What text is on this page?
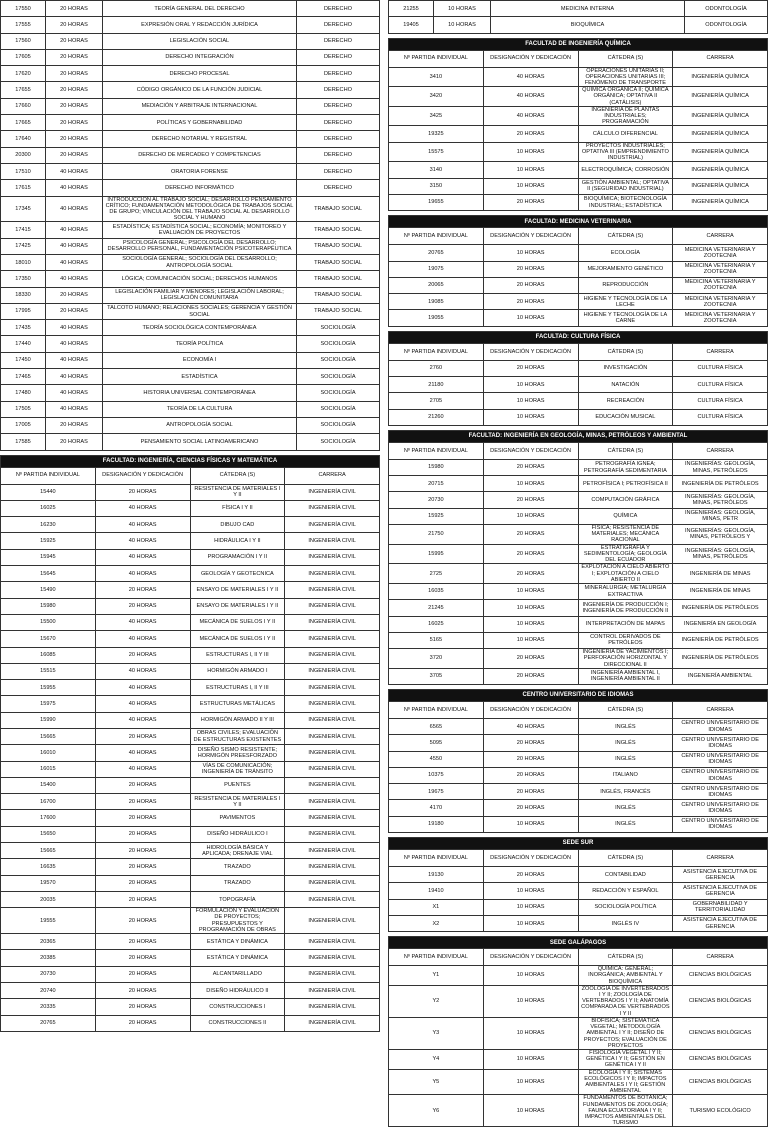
17550	20 HORAS	TEORÍA GENERAL DEL DERECHO	DERECHO
17555	20 HORAS	EXPRESIÓN ORAL Y REDACCIÓN JURÍDICA	DERECHO
17560	20 HORAS	LEGISLACIÓN SOCIAL	DERECHO
17605	20 HORAS	DERECHO INTEGRACIÓN	DERECHO
17620	20 HORAS	DERECHO PROCESAL	DERECHO
17655	20 HORAS	CÓDIGO ORGÁNICO DE LA FUNCIÓN JUDICIAL	DERECHO
17660	20 HORAS	MEDIACIÓN Y ARBITRAJE INTERNACIONAL	DERECHO
17665	20 HORAS	POLÍTICAS Y GOBERNABILIDAD	DERECHO
17640	20 HORAS	DERECHO NOTARIAL Y REGISTRAL	DERECHO
20300	20 HORAS	DERECHO DE MERCADEO Y COMPETENCIAS	DERECHO
17510	40 HORAS	ORATORIA FORENSE	DERECHO
17615	40 HORAS	DERECHO INFORMÁTICO	DERECHO
17345	40 HORAS	INTRODUCCIÓN AL TRABAJO SOCIAL; DESARROLLO PENSAMIENTO CRÍTICO; FUNDAMENTACIÓN METODOLÓGICA DE TRABAJOS SOCIAL DE GRUPO; VINCULACIÓN DEL TRABAJO SOCIAL AL DESARROLLO SOCIAL Y HUMANO	TRABAJO SOCIAL
17415	40 HORAS	ESTADÍSTICA; ESTADÍSTICA SOCIAL; ECONOMÍA; MONITOREO Y EVALUACIÓN DE PROYECTOS	TRABAJO SOCIAL
17425	40 HORAS	PSICOLOGÍA GENERAL; PSICOLOGÍA DEL DESARROLLO; DESARROLLO PERSONAL, FUNDAMENTACIÓN PSICOTERAPÉUTICA	TRABAJO SOCIAL
18010	40 HORAS	SOCIOLOGÍA GENERAL; SOCIOLOGÍA DEL DESARROLLO; ANTROPOLOGÍA SOCIAL	TRABAJO SOCIAL
17350	40 HORAS	LÓGICA; COMUNICACIÓN SOCIAL; DERECHOS HUMANOS	TRABAJO SOCIAL
18330	20 HORAS	LEGISLACIÓN FAMILIAR Y MENORES; LEGISLACIÓN LABORAL; LEGISLACIÓN COMUNITARIA	TRABAJO SOCIAL
17995	20 HORAS	TALCOTO HUMANO; RELACIONES SOCIALES; GERENCIA Y GESTIÓN SOCIAL	TRABAJO SOCIAL
17435	40 HORAS	TEORÍA SOCIOLÓGICA CONTEMPORÁNEA	SOCIOLOGÍA
17440	40 HORAS	TEORÍA POLÍTICA	SOCIOLOGÍA
17450	40 HORAS	ECONOMÍA I	SOCIOLOGÍA
17465	40 HORAS	ESTADÍSTICA	SOCIOLOGÍA
17480	40 HORAS	HISTORIA UNIVERSAL CONTEMPORÁNEA	SOCIOLOGÍA
17505	40 HORAS	TEORÍA DE LA CULTURA	SOCIOLOGÍA
17005	20 HORAS	ANTROPOLOGÍA SOCIAL	SOCIOLOGÍA
17585	20 HORAS	PENSAMIENTO SOCIAL LATINOAMERICANO	SOCIOLOGÍA
FACULTAD: INGENIERÍA, CIENCIAS FÍSICAS Y MATEMÁTICA			
Nº PARTIDA INDIVIDUAL	DESIGNACIÓN Y DEDICACIÓN	CÁTEDRA (S)	CARRERA
15440	20 HORAS	RESISTENCIA DE MATERIALES I Y II	INGENIERÍA CIVIL
16025	40 HORAS	FÍSICA I Y II	INGENIERÍA CIVIL
16230	40 HORAS	DIBUJO CAD	INGENIERÍA CIVIL
15925	40 HORAS	HIDRÁULICA I Y II	INGENIERÍA CIVIL
15945	40 HORAS	PROGRAMACIÓN I Y II	INGENIERÍA CIVIL
15645	40 HORAS	GEOLOGÍA Y GEOTECNICA	INGENIERÍA CIVIL
15490	20 HORAS	ENSAYO DE MATERIALES I Y II	INGENIERÍA CIVIL
15980	20 HORAS	ENSAYO DE MATERIALES I Y II	INGENIERÍA CIVIL
15500	40 HORAS	MECÁNICA DE SUELOS I Y II	INGENIERÍA CIVIL
15670	40 HORAS	MECÁNICA DE SUELOS I Y II	INGENIERÍA CIVIL
16085	20 HORAS	ESTRUCTURAS I, II Y III	INGENIERÍA CIVIL
15515	40 HORAS	HORMIGÓN ARMADO I	INGENIERÍA CIVIL
15955	40 HORAS	ESTRUCTURAS I, II Y III	INGENIERÍA CIVIL
15975	40 HORAS	ESTRUCTURAS METÁLICAS	INGENIERÍA CIVIL
15990	40 HORAS	HORMIGÓN ARMADO II Y III	INGENIERÍA CIVIL
15665	20 HORAS	OBRAS CIVILES; EVALUACIÓN DE ESTRUCTURAS EXISTENTES	INGENIERÍA CIVIL
16010	40 HORAS	DISEÑO SISMO RESISTENTE; HORMIGÓN PREESFORZADO	INGENIERÍA CIVIL
16015	40 HORAS	VÍAS DE COMUNICACIÓN; INGENIERÍA DE TRÁNSITO	INGENIERÍA CIVIL
15400	20 HORAS	PUENTES	INGENIERÍA CIVIL
16700	20 HORAS	RESISTENCIA DE MATERIALES I Y II	INGENIERÍA CIVIL
17600	20 HORAS	PAVIMENTOS	INGENIERÍA CIVIL
15650	20 HORAS	DISEÑO HIDRÁULICO I	INGENIERÍA CIVIL
15665	20 HORAS	HIDROLOGÍA BÁSICA Y APLICADA; DRENAJE VIAL	INGENIERÍA CIVIL
16635	20 HORAS	TRAZADO	INGENIERÍA CIVIL
19570	20 HORAS	TRAZADO	INGENIERÍA CIVIL
20035	20 HORAS	TOPOGRAFÍA	INGENIERÍA CIVIL
19555	20 HORAS	FORMULACIÓN Y EVALUACIÓN DE PROYECTOS; PRESUPUESTOS Y PROGRAMACIÓN DE OBRAS	INGENIERÍA CIVIL
20365	20 HORAS	ESTÁTICA Y DINÁMICA	INGENIERÍA CIVIL
20385	20 HORAS	ESTÁTICA Y DINÁMICA	INGENIERÍA CIVIL
20730	20 HORAS	ALCANTARILLADO	INGENIERÍA CIVIL
20740	20 HORAS	DISEÑO HIDRÁULICO II	INGENIERÍA CIVIL
20335	20 HORAS	CONSTRUCCIONES I	INGENIERÍA CIVIL
20765	20 HORAS	CONSTRUCCIONES II	INGENIERÍA CIVIL
21255	10 HORAS	MEDICINA INTERNA	ODONTOLOGÍA
19405	10 HORAS	BIOQUÍMICA	ODONTOLOGÍA
FACULTAD DE INGENIERÍA QUÍMICA			
Nº PARTIDA INDIVIDUAL	DESIGNACIÓN Y DEDICACIÓN	CÁTEDRA (S)	CARRERA
3410	40 HORAS	OPERACIONES UNITARIAS II; OPERACIONES UNITARIAS III; FENÓMENO DE TRANSPORTE	INGENIERÍA QUÍMICA
3420	40 HORAS	QUÍMICA ORGÁNICA II; QUÍMICA ORGÁNICA; OPTATIVA II (CATÁLISIS)	INGENIERÍA QUÍMICA
3425	40 HORAS	INGENIERÍA DE PLANTAS INDUSTRIALES; PROGRAMACIÓN	INGENIERÍA QUÍMICA
19325	20 HORAS	CÁLCULO DIFERENCIAL	INGENIERÍA QUÍMICA
15575	10 HORAS	PROYECTOS INDUSTRIALES; OPTATIVA III (EMPRENDIMIENTO INDUSTRIAL)	INGENIERÍA QUÍMICA
3140	10 HORAS	ELECTROQUÍMICA; CORROSIÓN	INGENIERÍA QUÍMICA
3150	10 HORAS	GESTIÓN AMBIENTAL; OPTATIVA II (SEGURIDAD INDUSTRIAL)	INGENIERÍA QUÍMICA
19655	20 HORAS	BIOQUÍMICA; BIOTECNOLOGÍA INDUSTRIAL; ESTADÍSTICA	INGENIERÍA QUÍMICA
FACULTAD: MEDICINA VETERINARIA			
Nº PARTIDA INDIVIDUAL	DESIGNACIÓN Y DEDICACIÓN	CÁTEDRA (S)	CARRERA
20765	10 HORAS	ECOLOGÍA	MEDICINA VETERINARIA Y ZOOTECNIA
19075	20 HORAS	MEJORAMIENTO GENÉTICO	MEDICINA VETERINARIA Y ZOOTECNIA
20065	20 HORAS	REPRODUCCIÓN	MEDICINA VETERINARIA Y ZOOTECNIA
19085	20 HORAS	HIGIENE Y TECNOLOGÍA DE LA LECHE	MEDICINA VETERINARIA Y ZOOTECNIA
19055	10 HORAS	HIGIENE Y TECNOLOGÍA DE LA CARNE	MEDICINA VETERINARIA Y ZOOTECNIA
FACULTAD: CULTURA FÍSICA			
Nº PARTIDA INDIVIDUAL	DESIGNACIÓN Y DEDICACIÓN	CÁTEDRA (S)	CARRERA
2760	20 HORAS	INVESTIGACIÓN	CULTURA FÍSICA
21180	10 HORAS	NATACIÓN	CULTURA FÍSICA
2705	10 HORAS	RECREACIÓN	CULTURA FÍSICA
21260	10 HORAS	EDUCACIÓN MUSICAL	CULTURA FÍSICA
FACULTAD: INGENIERÍA EN GEOLOGÍA, MINAS, PETRÓLEOS Y AMBIENTAL			
Nº PARTIDA INDIVIDUAL	DESIGNACIÓN Y DEDICACIÓN	CÁTEDRA (S)	CARRERA
15980	20 HORAS	PETROGRAFÍA IGNEA; PETROGRAFÍA SEDIMENTARIA	INGENIERÍAS: GEOLOGÍA, MINAS, PETRÓLEOS
20715	10 HORAS	PETROFÍSICA I; PETROFÍSICA II	INGENIERÍA DE PETRÓLEOS
20730	20 HORAS	COMPUTACIÓN GRÁFICA	INGENIERÍAS: GEOLOGÍA, MINAS, PETRÓLEOS
15925	10 HORAS	QUÍMICA	INGENIERÍAS: GEOLOGÍA, MINAS, PETR
21750	20 HORAS	FÍSICA; RESISTENCIA DE MATERIALES; MECÁNICA RACIONAL	INGENIERÍAS: GEOLOGÍA, MINAS, PETRÓLEOS Y
15995	20 HORAS	ESTRATIGRAFÍA Y SEDIMENTOLOGÍA; GEOLOGÍA DEL ECUADOR	INGENIERÍAS: GEOLOGÍA, MINAS, PETRÓLEOS
2725	20 HORAS	EXPLOTACIÓN A CIELO ABIERTO I; EXPLOTACIÓN A CIELO ABIERTO II	INGENIERÍA DE MINAS
16035	10 HORAS	MINERALURGIA; METALURGIA EXTRACTIVA	INGENIERÍA DE MINAS
21245	10 HORAS	INGENIERÍA DE PRODUCCIÓN I; INGENIERÍA DE PRODUCCIÓN II	INGENIERÍA DE PETRÓLEOS
16025	10 HORAS	INTERPRETACIÓN DE MAPAS	INGENIERÍA EN GEOLOGÍA
5165	10 HORAS	CONTROL DERIVADOS DE PETRÓLEOS	INGENIERÍA DE PETRÓLEOS
3720	20 HORAS	INGENIERÍA DE YACIMIENTOS I; PERFORACIÓN HORIZONTAL Y DIRECCIONAL II	INGENIERÍA DE PETRÓLEOS
3705	20 HORAS	INGENIERÍA AMBIENTAL I, INGENIERÍA AMBIENTAL II	INGENIERÍA AMBIENTAL
CENTRO UNIVERSITARIO DE IDIOMAS			
Nº PARTIDA INDIVIDUAL	DESIGNACIÓN Y DEDICACIÓN	CÁTEDRA (S)	CARRERA
6565	40 HORAS	INGLÉS	CENTRO UNIVERSITARIO DE IDIOMAS
5095	20 HORAS	INGLÉS	CENTRO UNIVERSITARIO DE IDIOMAS
4550	20 HORAS	INGLÉS	CENTRO UNIVERSITARIO DE IDIOMAS
10375	20 HORAS	ITALIANO	CENTRO UNIVERSITARIO DE IDIOMAS
19675	20 HORAS	INGLÉS, FRANCÉS	CENTRO UNIVERSITARIO DE IDIOMAS
4170	20 HORAS	INGLÉS	CENTRO UNIVERSITARIO DE IDIOMAS
19180	10 HORAS	INGLÉS	CENTRO UNIVERSITARIO DE IDIOMAS
SEDE SUR			
Nº PARTIDA INDIVIDUAL	DESIGNACIÓN Y DEDICACIÓN	CÁTEDRA (S)	CARRERA
19130	20 HORAS	CONTABILIDAD	ASISTENCIA EJECUTIVA DE GERENCIA
19410	10 HORAS	REDACCIÓN Y ESPAÑOL	ASISTENCIA EJECUTIVA DE GERENCIA
X1	10 HORAS	SOCIOLOGÍA POLÍTICA	GOBERNABILIDAD Y TERRITORIALIDAD
X2	10 HORAS	INGLÉS IV	ASISTENCIA EJECUTIVA DE GERENCIA
SEDE GALÁPAGOS			
Nº PARTIDA INDIVIDUAL	DESIGNACIÓN Y DEDICACIÓN	CÁTEDRA (S)	CARRERA
Y1	10 HORAS	QUÍMICA: GENERAL; INORGÁNICA; AMBIENTAL Y BIOQUÍMICA	CIENCIAS BIOLÓGICAS
Y2	10 HORAS	ZOOLOGÍA DE INVERTEBRADOS I Y II; ZOOLOGÍA DE VERTEBRADOS I Y II; ANATOMÍA COMPARADA DE VERTEBRADOS I Y II	CIENCIAS BIOLÓGICAS
Y3	10 HORAS	BIOFÍSICA; SISTEMÁTICA VEGETAL; METODOLOGÍA AMBIENTAL I Y II; DISEÑO DE PROYECTOS; EVALUACIÓN DE PROYECTOS	CIENCIAS BIOLÓGICAS
Y4	10 HORAS	FISIOLOGÍA VEGETAL I Y II; GENÉTICA I Y II; GESTIÓN EN GENÉTICA I Y II	CIENCIAS BIOLÓGICAS
Y5	10 HORAS	ECOLOGÍA I Y II; SISTEMAS ECOLÓGICOS I Y II; IMPACTOS AMBIENTALES I Y II; GESTIÓN AMBIENTAL	CIENCIAS BIOLÓGICAS
Y6	10 HORAS	FUNDAMENTOS DE BOTÁNICA; FUNDAMENTOS DE ZOOLOGÍA; FAUNA ECUATORIANA I Y II; IMPACTOS AMBIENTALES DEL TURISMO	TURISMO ECOLÓGICO
